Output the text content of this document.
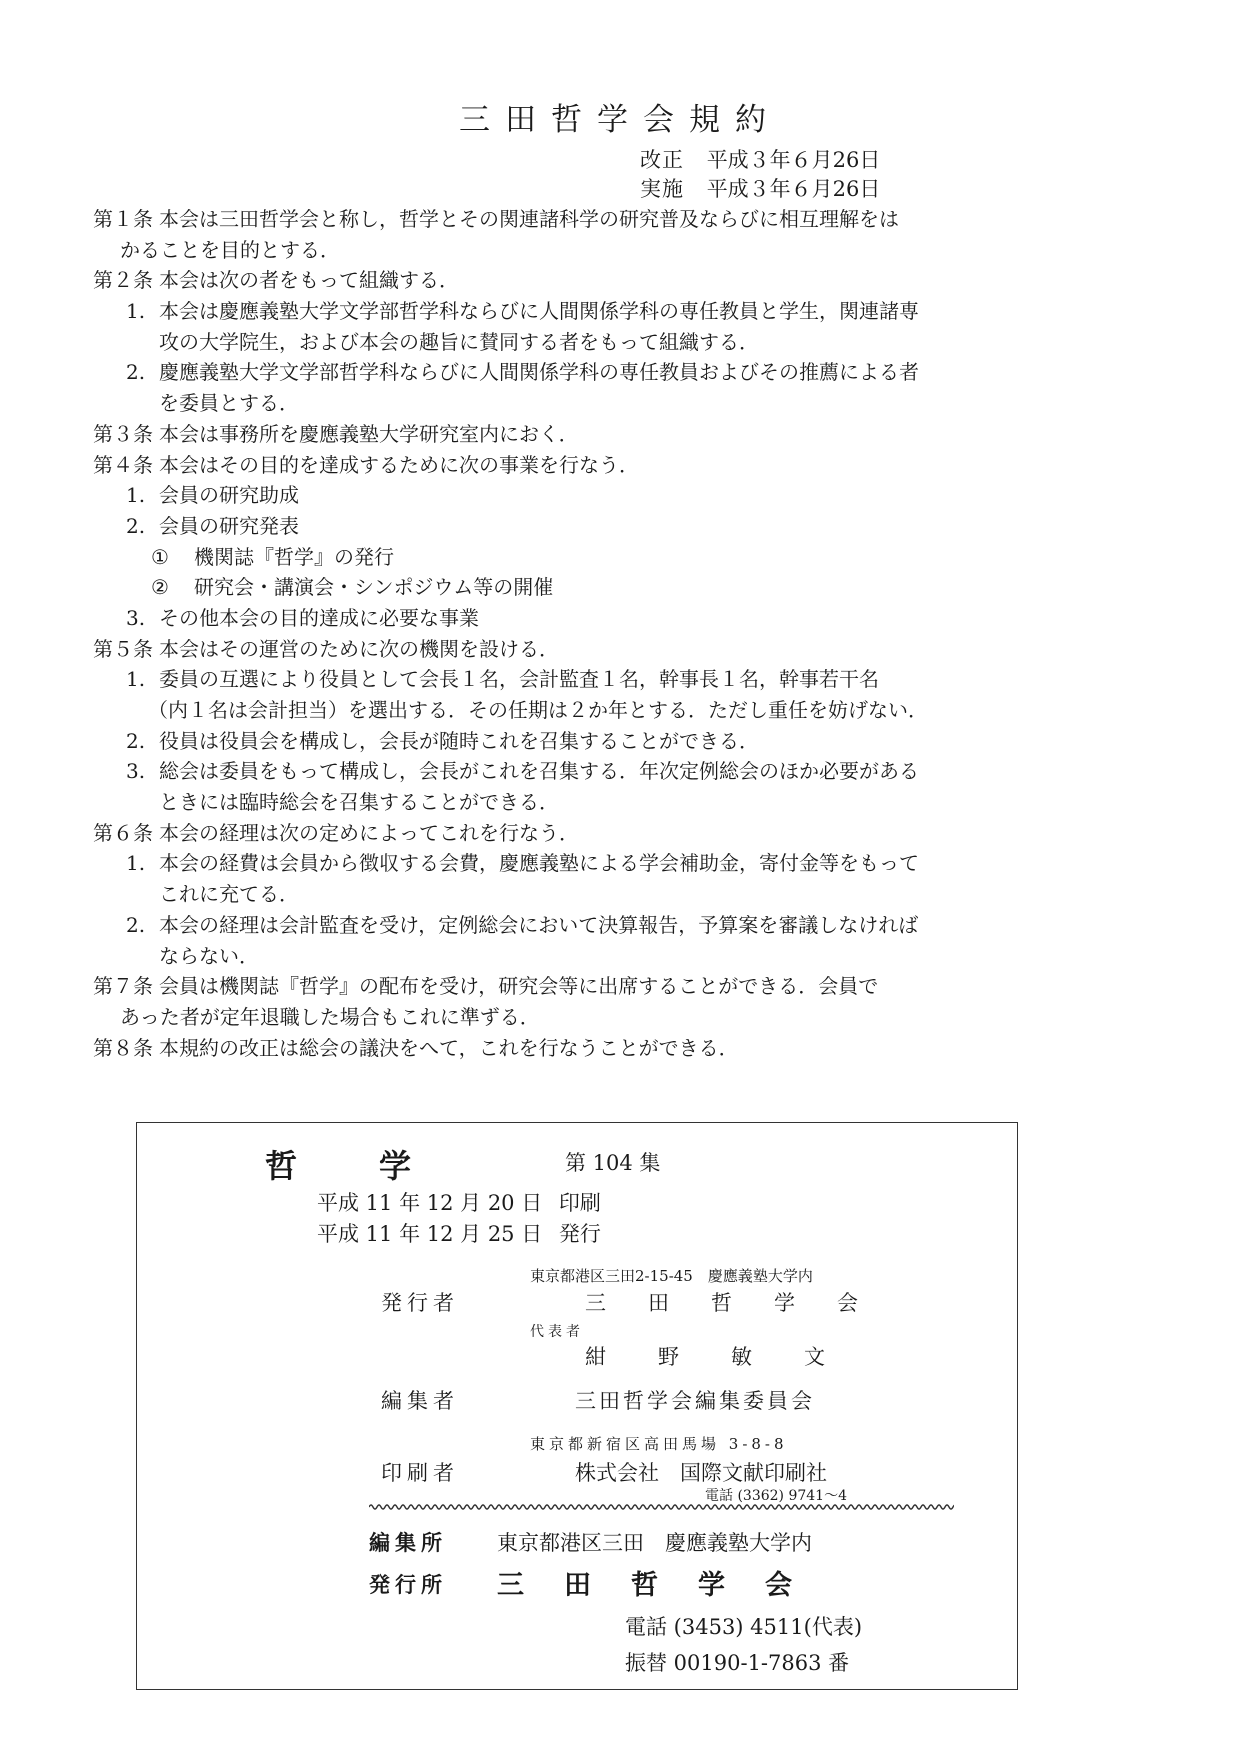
三田哲学会規約
改正 平成３年６月26日
実施 平成３年６月26日
第１条 本会は三田哲学会と称し，哲学とその関連諸科学の研究普及ならびに相互理解をは
かることを目的とする．
第２条 本会は次の者をもって組織する．
1. 本会は慶應義塾大学文学部哲学科ならびに人間関係学科の専任教員と学生，関連諸専
攻の大学院生，および本会の趣旨に賛同する者をもって組織する．
2. 慶應義塾大学文学部哲学科ならびに人間関係学科の専任教員およびその推薦による者
を委員とする．
第３条 本会は事務所を慶應義塾大学研究室内におく．
第４条 本会はその目的を達成するために次の事業を行なう．
1. 会員の研究助成
2. 会員の研究発表
① 機関誌『哲学』の発行
② 研究会・講演会・シンポジウム等の開催
3. その他本会の目的達成に必要な事業
第５条 本会はその運営のために次の機関を設ける．
1. 委員の互選により役員として会長１名，会計監査１名，幹事長１名，幹事若干名
（内１名は会計担当）を選出する．その任期は２か年とする．ただし重任を妨げない．
2. 役員は役員会を構成し，会長が随時これを召集することができる．
3. 総会は委員をもって構成し，会長がこれを召集する．年次定例総会のほか必要がある
ときには臨時総会を召集することができる．
第６条 本会の経理は次の定めによってこれを行なう．
1. 本会の経費は会員から徴収する会費，慶應義塾による学会補助金，寄付金等をもって
これに充てる．
2. 本会の経理は会計監査を受け，定例総会において決算報告，予算案を審議しなければ
ならない．
第７条 会員は機関誌『哲学』の配布を受け，研究会等に出席することができる．会員で
あった者が定年退職した場合もこれに準ずる．
第８条 本規約の改正は総会の議決をへて，これを行なうことができる．
哲　　学	第 104 集
平成 11 年 12 月 20 日 印刷
平成 11 年 12 月 25 日 発行
東京都港区三田2-15-45　慶應義塾大学内
発行者	三田哲学会
代表者
紺野敏文
編集者	三田哲学会編集委員会
東京都新宿区高田馬場 3-8-8
印刷者	株式会社　国際文献印刷社
電話 (3362) 9741～4
編集所 東京都港区三田　慶應義塾大学内
発行所 三田哲学会
電話 (3453) 4511(代表)
振替 00190-1-7863 番
